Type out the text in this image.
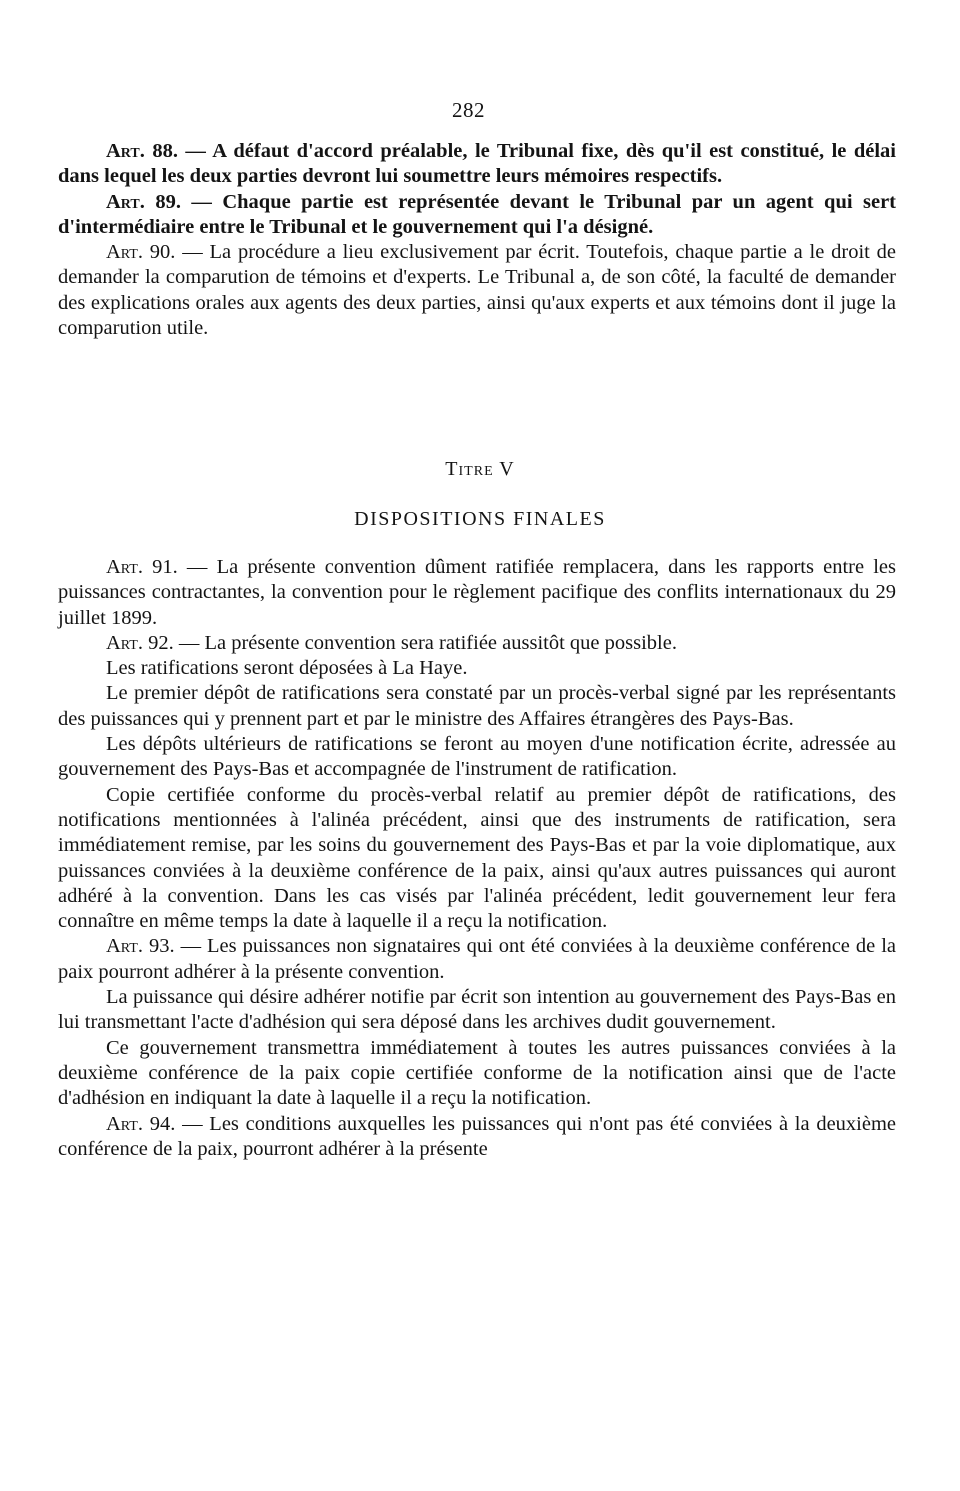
282

Art. 88. — A défaut d'accord préalable, le Tribunal fixe, dès qu'il est constitué, le délai dans lequel les deux parties devront lui soumettre leurs mémoires respectifs.

Art. 89. — Chaque partie est représentée devant le Tribunal par un agent qui sert d'intermédiaire entre le Tribunal et le gouvernement qui l'a désigné.

Art. 90. — La procédure a lieu exclusivement par écrit. Toutefois, chaque partie a le droit de demander la comparution de témoins et d'experts. Le Tribunal a, de son côté, la faculté de demander des explications orales aux agents des deux parties, ainsi qu'aux experts et aux témoins dont il juge la comparution utile.

Titre V
DISPOSITIONS FINALES

Art. 91. — La présente convention dûment ratifiée remplacera, dans les rapports entre les puissances contractantes, la convention pour le règlement pacifique des conflits internationaux du 29 juillet 1899.

Art. 92. — La présente convention sera ratifiée aussitôt que possible.

Les ratifications seront déposées à La Haye.

Le premier dépôt de ratifications sera constaté par un procès-verbal signé par les représentants des puissances qui y prennent part et par le ministre des Affaires étrangères des Pays-Bas.

Les dépôts ultérieurs de ratifications se feront au moyen d'une notification écrite, adressée au gouvernement des Pays-Bas et accompagnée de l'instrument de ratification.

Copie certifiée conforme du procès-verbal relatif au premier dépôt de ratifications, des notifications mentionnées à l'alinéa précédent, ainsi que des instruments de ratification, sera immédiatement remise, par les soins du gouvernement des Pays-Bas et par la voie diplomatique, aux puissances conviées à la deuxième conférence de la paix, ainsi qu'aux autres puissances qui auront adhéré à la convention. Dans les cas visés par l'alinéa précédent, ledit gouvernement leur fera connaître en même temps la date à laquelle il a reçu la notification.

Art. 93. — Les puissances non signataires qui ont été conviées à la deuxième conférence de la paix pourront adhérer à la présente convention.

La puissance qui désire adhérer notifie par écrit son intention au gouvernement des Pays-Bas en lui transmettant l'acte d'adhésion qui sera déposé dans les archives dudit gouvernement.

Ce gouvernement transmettra immédiatement à toutes les autres puissances conviées à la deuxième conférence de la paix copie certifiée conforme de la notification ainsi que de l'acte d'adhésion en indiquant la date à laquelle il a reçu la notification.

Art. 94. — Les conditions auxquelles les puissances qui n'ont pas été conviées à la deuxième conférence de la paix, pourront adhérer à la présente
